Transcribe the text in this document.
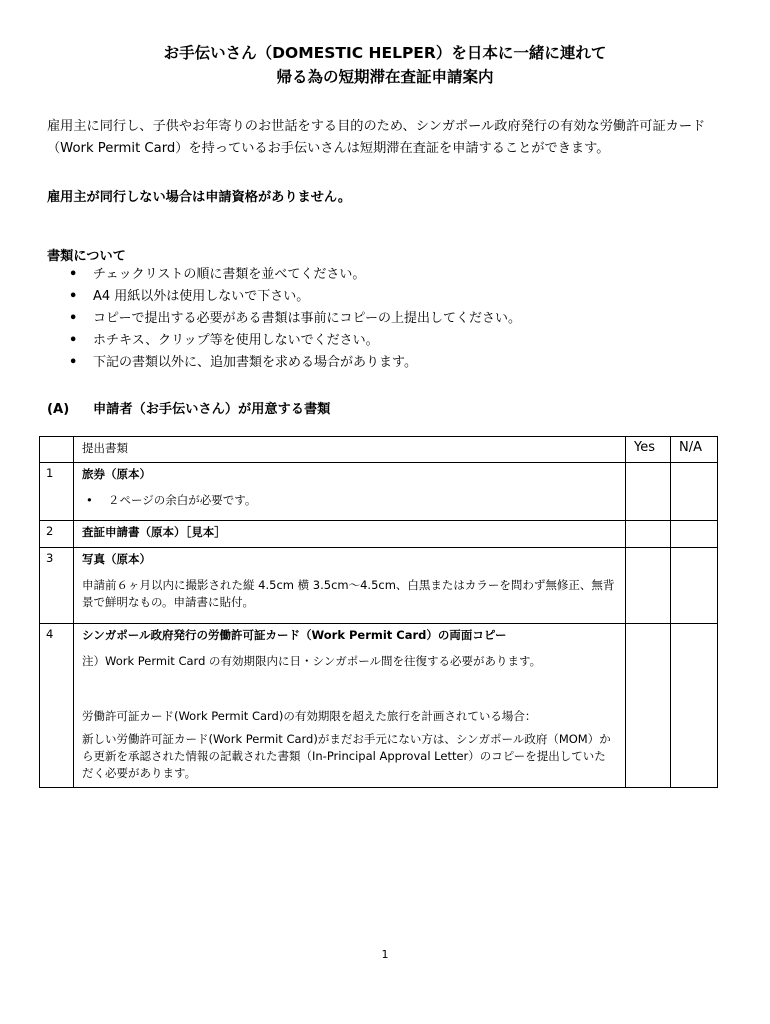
お手伝いさん（DOMESTIC HELPER）を日本に一緒に連れて
帰る為の短期滞在査証申請案内
雇用主に同行し、子供やお年寄りのお世話をする目的のため、シンガポール政府発行の有効な労働許可証カード（Work Permit Card）を持っているお手伝いさんは短期滞在査証を申請することができます。
雇用主が同行しない場合は申請資格がありません。
書類について
• チェックリストの順に書類を並べてください。
• A4 用紙以外は使用しないで下さい。
• コピーで提出する必要がある書類は事前にコピーの上提出してください。
• ホチキス、クリップ等を使用しないでください。
• 下記の書類以外に、追加書類を求める場合があります。
(A) 申請者（お手伝いさん）が用意する書類
	提出書類	Yes	N/A
1	旅券（原本）
• ２ページの余白が必要です。		

2	査証申請書（原本）［見本］		

3	写真（原本）
申請前６ヶ月以内に撮影された縦 4.5cm 横 3.5cm～4.5cm、白黒またはカラーを問わず無修正、無背景で鮮明なもの。申請書に貼付。		

4	シンガポール政府発行の労働許可証カード（Work Permit Card）の両面コピー
注）Work Permit Card の有効期限内に日・シンガポール間を往復する必要があります。
労働許可証カード(Work Permit Card)の有効期限を超えた旅行を計画されている場合：
新しい労働許可証カード(Work Permit Card)がまだお手元にない方は、シンガポール政府（MOM）から更新を承認された情報の記載された書類（In-Principal Approval Letter）のコピーを提出していただく必要があります。		

1
